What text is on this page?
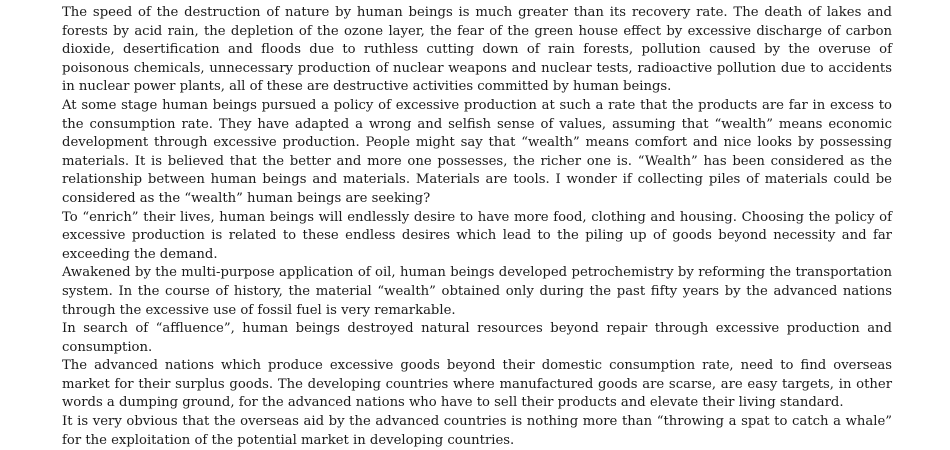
The speed of the destruction of nature by human beings is much greater than its recovery rate. The death of lakes and forests by acid rain, the depletion of the ozone layer, the fear of the green house effect by excessive discharge of carbon dioxide, desertification and floods due to ruthless cutting down of rain forests, pollution caused by the overuse of poisonous chemicals, unnecessary production of nuclear weapons and nuclear tests, radioactive pollution due to accidents in nuclear power plants, all of these are destructive activities committed by human beings.

At some stage human beings pursued a policy of excessive production at such a rate that the products are far in excess to the consumption rate. They have adapted a wrong and selfish sense of values, assuming that “wealth” means economic development through excessive production. People might say that “wealth” means comfort and nice looks by possessing materials. It is believed that the better and more one possesses, the richer one is. “Wealth” has been considered as the relationship between human beings and materials. Materials are tools. I wonder if collecting piles of materials could be considered as the “wealth” human beings are seeking?

To “enrich” their lives, human beings will endlessly desire to have more food, clothing and housing. Choosing the policy of excessive production is related to these endless desires which lead to the piling up of goods beyond necessity and far exceeding the demand.

Awakened by the multi-purpose application of oil, human beings developed petrochemistry by reforming the transportation system. In the course of history, the material “wealth” obtained only during the past fifty years by the advanced nations through the excessive use of fossil fuel is very remarkable.

In search of “affluence”, human beings destroyed natural resources beyond repair through excessive production and consumption.

The advanced nations which produce excessive goods beyond their domestic consumption rate, need to find overseas market for their surplus goods. The developing countries where manufactured goods are scarse, are easy targets, in other words a dumping ground, for the advanced nations who have to sell their products and elevate their living standard.

It is very obvious that the overseas aid by the advanced countries is nothing more than “throwing a spat to catch a whale” for the exploitation of the potential market in developing countries.
